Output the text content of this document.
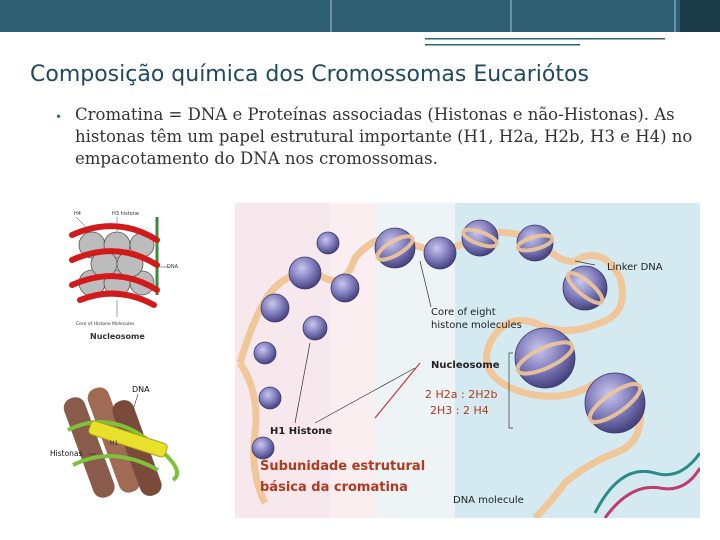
Composição química dos Cromossomas Eucariótos
• Cromatina = DNA e Proteínas associadas (Histonas e não-Histonas). As histonas têm um papel estrutural importante (H1, H2a, H2b, H3 e H4) no empacotamento do DNA nos cromossomas.
H4	H3 histone
DNA
Core of Histone Molecules
Nucleosome
H1
DNA
Histonas
Linker DNA
Core of eight
histone molecules
Nucleosome
2 H2a : 2H2b
2H3 : 2 H4
H1 Histone
Subunidade estrutural
básica da cromatina
DNA molecule
